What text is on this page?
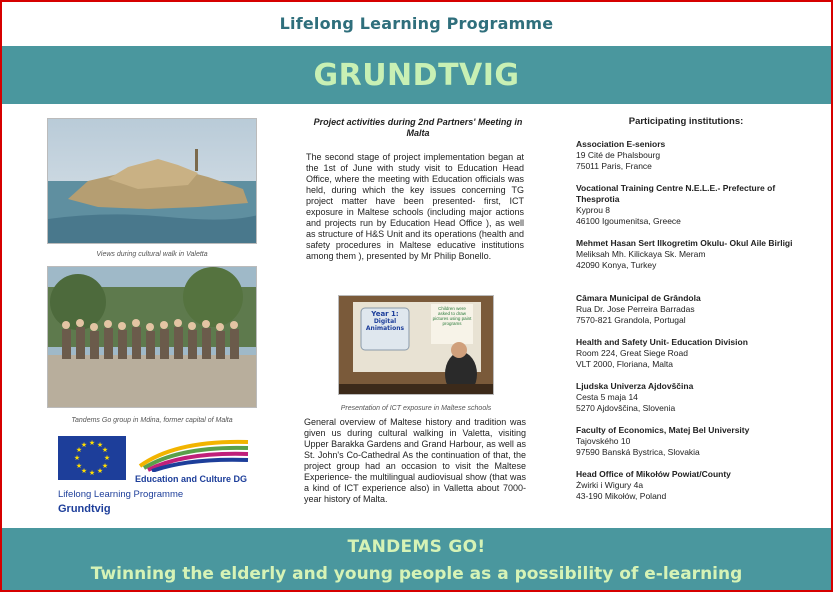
Lifelong Learning Programme
GRUNDTVIG
Views during cultural walk in Valetta
Tandems Go group in Mdina, former capital of Malta
★ ★
★
★
★
★
★
★
★
★
★
★
Education and Culture DG
Lifelong Learning Programme
Grundtvig
Project activities during 2nd Partners' Meeting in Malta
The second stage of project implementation began at the 1st of June with study visit to Education Head Office, where the meeting with Education officials was held, during which the key issues concerning TG project matter have been presented- first, ICT exposure in Maltese schools (including major actions and projects run by Education Head Office ), as well as structure of H&S Unit and its operations (health and safety procedures in Maltese educative institutions among them ), presented by Mr Philip Bonello.
Year 1:
Digital Animations
Children were asked to draw pictures using paint programs
Presentation of ICT exposure in Maltese schools
General overview of Maltese history and tradition was given us during cultural walking in Valetta, visiting Upper Barakka Gardens and Grand Harbour, as well as St. John's Co-Cathedral As the continuation of that, the project group had an occasion to visit the Maltese Experience- the multilingual audiovisual show (that was a kind of ICT experience also) in Valletta about 7000- year history of Malta.
Participating institutions:
Association E-seniors
19 Cité de Phalsbourg
75011 Paris, France
Vocational Training Centre N.E.L.E.- Prefecture of Thesprotia
Kyprou 8
46100 Igoumenitsa, Greece
Mehmet Hasan Sert Ilkogretim Okulu- Okul Aile Birligi
Meliksah Mh. Kilickaya Sk. Meram
42090 Konya, Turkey
Câmara Municipal de Grândola
Rua Dr. Jose Perreira Barradas
7570-821 Grandola, Portugal
Health and Safety Unit- Education Division
Room 224, Great Siege Road
VLT 2000, Floriana, Malta
Ljudska Univerza Ajdovščina
Cesta 5 maja 14
5270 Ajdovščina, Slovenia
Faculty of Economics, Matej Bel University
Tajovského 10
97590 Banská Bystrica, Slovakia
Head Office of Mikołów Powiat/County
Żwirki i Wigury 4a
43-190 Mikołów, Poland
TANDEMS GO!
Twinning the elderly and young people as a possibility of e-learning
